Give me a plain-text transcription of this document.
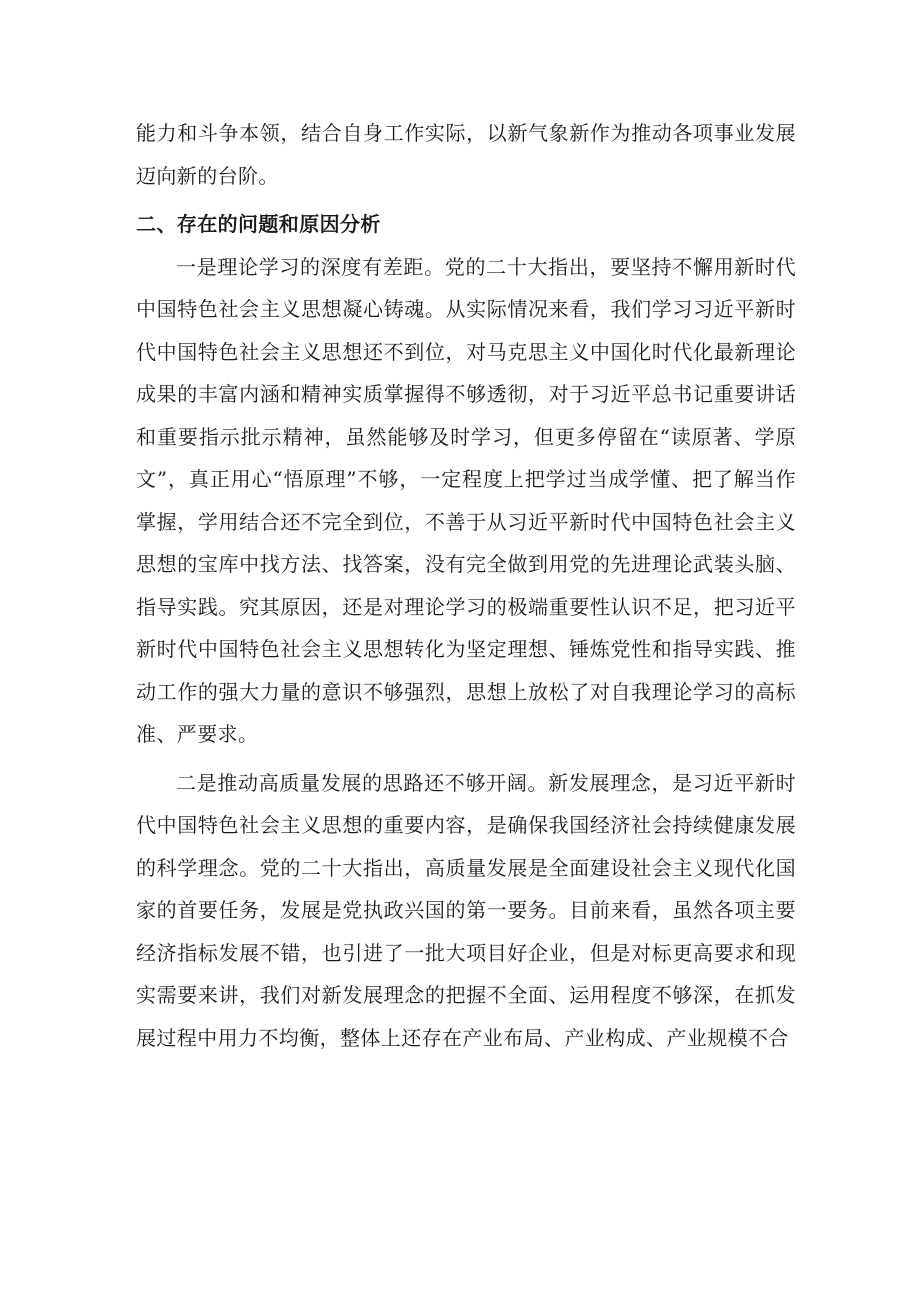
能力和斗争本领，结合自身工作实际，以新气象新作为推动各项事业发展迈向新的台阶。

二、存在的问题和原因分析

一是理论学习的深度有差距。党的二十大指出，要坚持不懈用新时代中国特色社会主义思想凝心铸魂。从实际情况来看，我们学习习近平新时代中国特色社会主义思想还不到位，对马克思主义中国化时代化最新理论成果的丰富内涵和精神实质掌握得不够透彻，对于习近平总书记重要讲话和重要指示批示精神，虽然能够及时学习，但更多停留在“读原著、学原文”，真正用心“悟原理”不够，一定程度上把学过当成学懂、把了解当作掌握，学用结合还不完全到位，不善于从习近平新时代中国特色社会主义思想的宝库中找方法、找答案，没有完全做到用党的先进理论武装头脑、指导实践。究其原因，还是对理论学习的极端重要性认识不足，把习近平新时代中国特色社会主义思想转化为坚定理想、锤炼党性和指导实践、推动工作的强大力量的意识不够强烈，思想上放松了对自我理论学习的高标准、严要求。

二是推动高质量发展的思路还不够开阔。新发展理念，是习近平新时代中国特色社会主义思想的重要内容，是确保我国经济社会持续健康发展的科学理念。党的二十大指出，高质量发展是全面建设社会主义现代化国家的首要任务，发展是党执政兴国的第一要务。目前来看，虽然各项主要经济指标发展不错，也引进了一批大项目好企业，但是对标更高要求和现实需要来讲，我们对新发展理念的把握不全面、运用程度不够深，在抓发展过程中用力不均衡，整体上还存在产业布局、产业构成、产业规模不合
